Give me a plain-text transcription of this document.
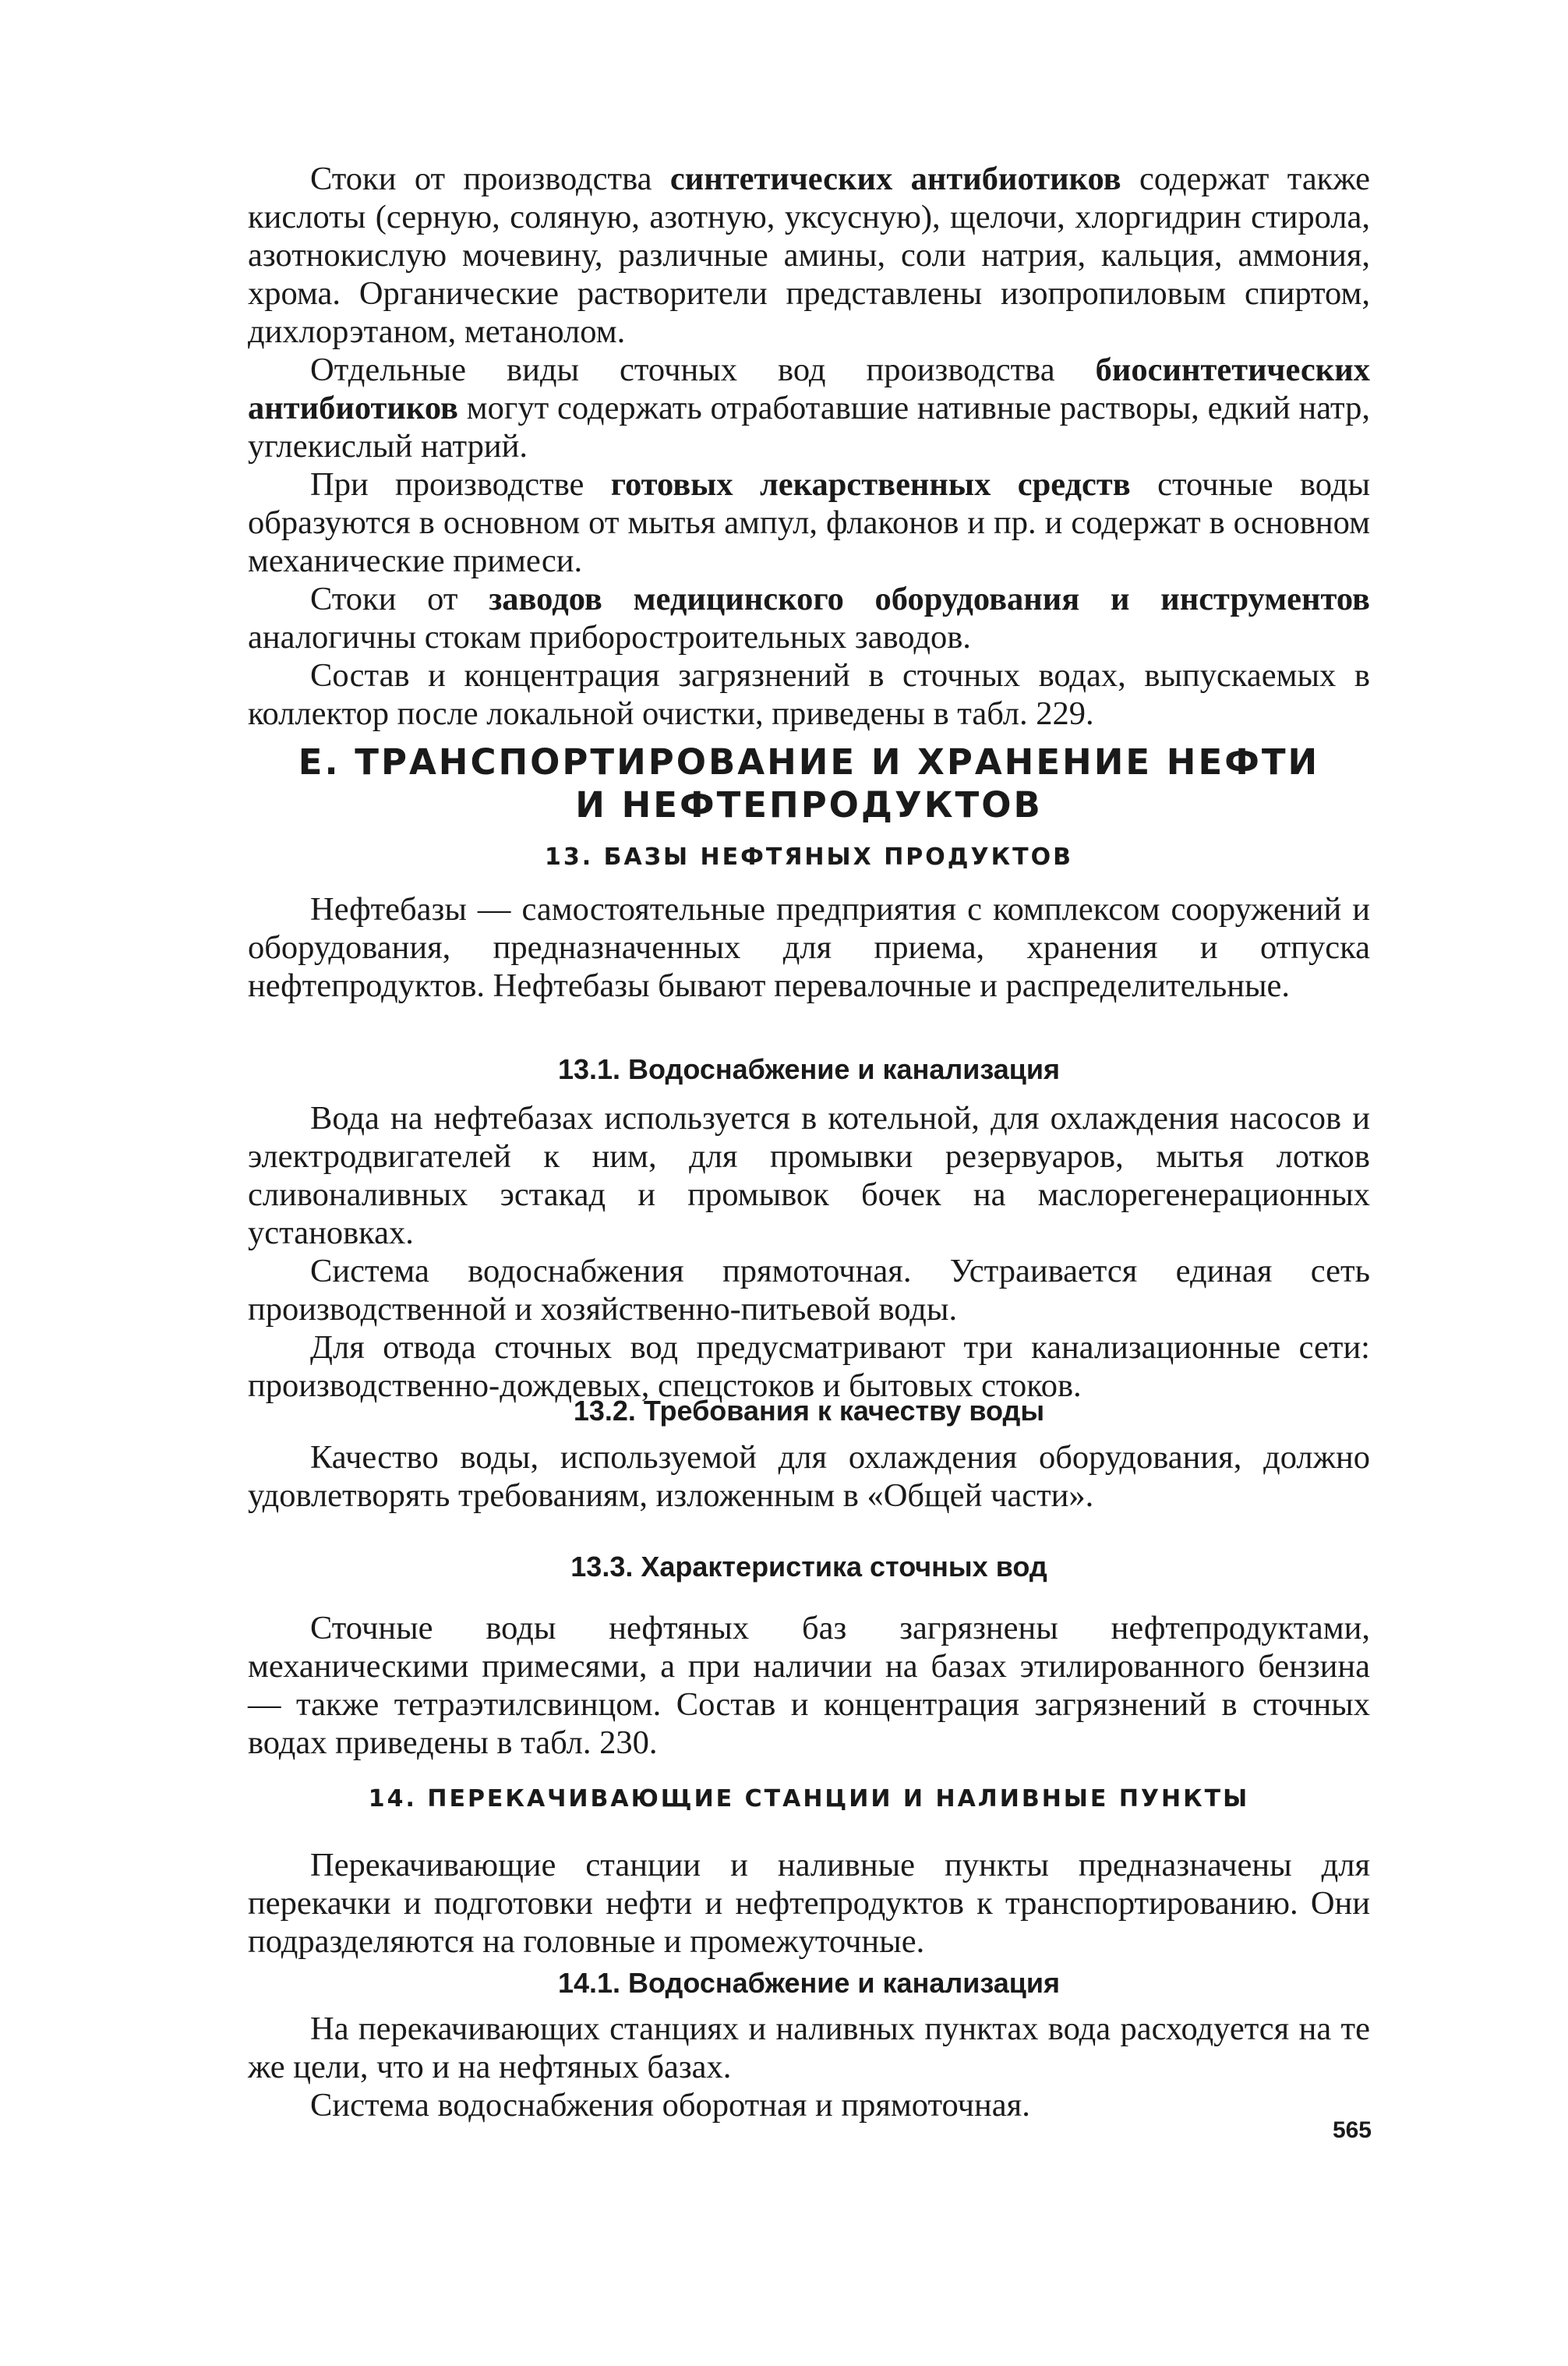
Стоки от производства синтетических антибиотиков содержат также кислоты (серную, соляную, азотную, уксусную), щелочи, хлоргидрин стирола, азотнокислую мочевину, различные амины, соли натрия, кальция, аммония, хрома. Органические растворители представлены изопропиловым спиртом, дихлорэтаном, метанолом.

Отдельные виды сточных вод производства биосинтетических антибиотиков могут содержать отработавшие нативные растворы, едкий натр, углекислый натрий.

При производстве готовых лекарственных средств сточные воды образуются в основном от мытья ампул, флаконов и пр. и содержат в основном механические примеси.

Стоки от заводов медицинского оборудования и инструментов аналогичны стокам приборостроительных заводов.

Состав и концентрация загрязнений в сточных водах, выпускаемых в коллектор после локальной очистки, приведены в табл. 229.

Е. ТРАНСПОРТИРОВАНИЕ И ХРАНЕНИЕ НЕФТИ
И НЕФТЕПРОДУКТОВ
13. БАЗЫ НЕФТЯНЫХ ПРОДУКТОВ

Нефтебазы — самостоятельные предприятия с комплексом сооружений и оборудования, предназначенных для приема, хранения и отпуска нефтепродуктов. Нефтебазы бывают перевалочные и распределительные.

13.1. Водоснабжение и канализация

Вода на нефтебазах используется в котельной, для охлаждения насосов и электродвигателей к ним, для промывки резервуаров, мытья лотков сливоналивных эстакад и промывок бочек на маслорегенерационных установках.

Система водоснабжения прямоточная. Устраивается единая сеть производственной и хозяйственно-питьевой воды.

Для отвода сточных вод предусматривают три канализационные сети: производственно-дождевых, спецстоков и бытовых стоков.

13.2. Требования к качеству воды

Качество воды, используемой для охлаждения оборудования, должно удовлетворять требованиям, изложенным в «Общей части».

13.3. Характеристика сточных вод

Сточные воды нефтяных баз загрязнены нефтепродуктами, механическими примесями, а при наличии на базах этилированного бензина — также тетраэтилсвинцом. Состав и концентрация загрязнений в сточных водах приведены в табл. 230.

14. ПЕРЕКАЧИВАЮЩИЕ СТАНЦИИ И НАЛИВНЫЕ ПУНКТЫ

Перекачивающие станции и наливные пункты предназначены для перекачки и подготовки нефти и нефтепродуктов к транспортированию. Они подразделяются на головные и промежуточные.

14.1. Водоснабжение и канализация

На перекачивающих станциях и наливных пунктах вода расходуется на те же цели, что и на нефтяных базах.

Система водоснабжения оборотная и прямоточная.

565
